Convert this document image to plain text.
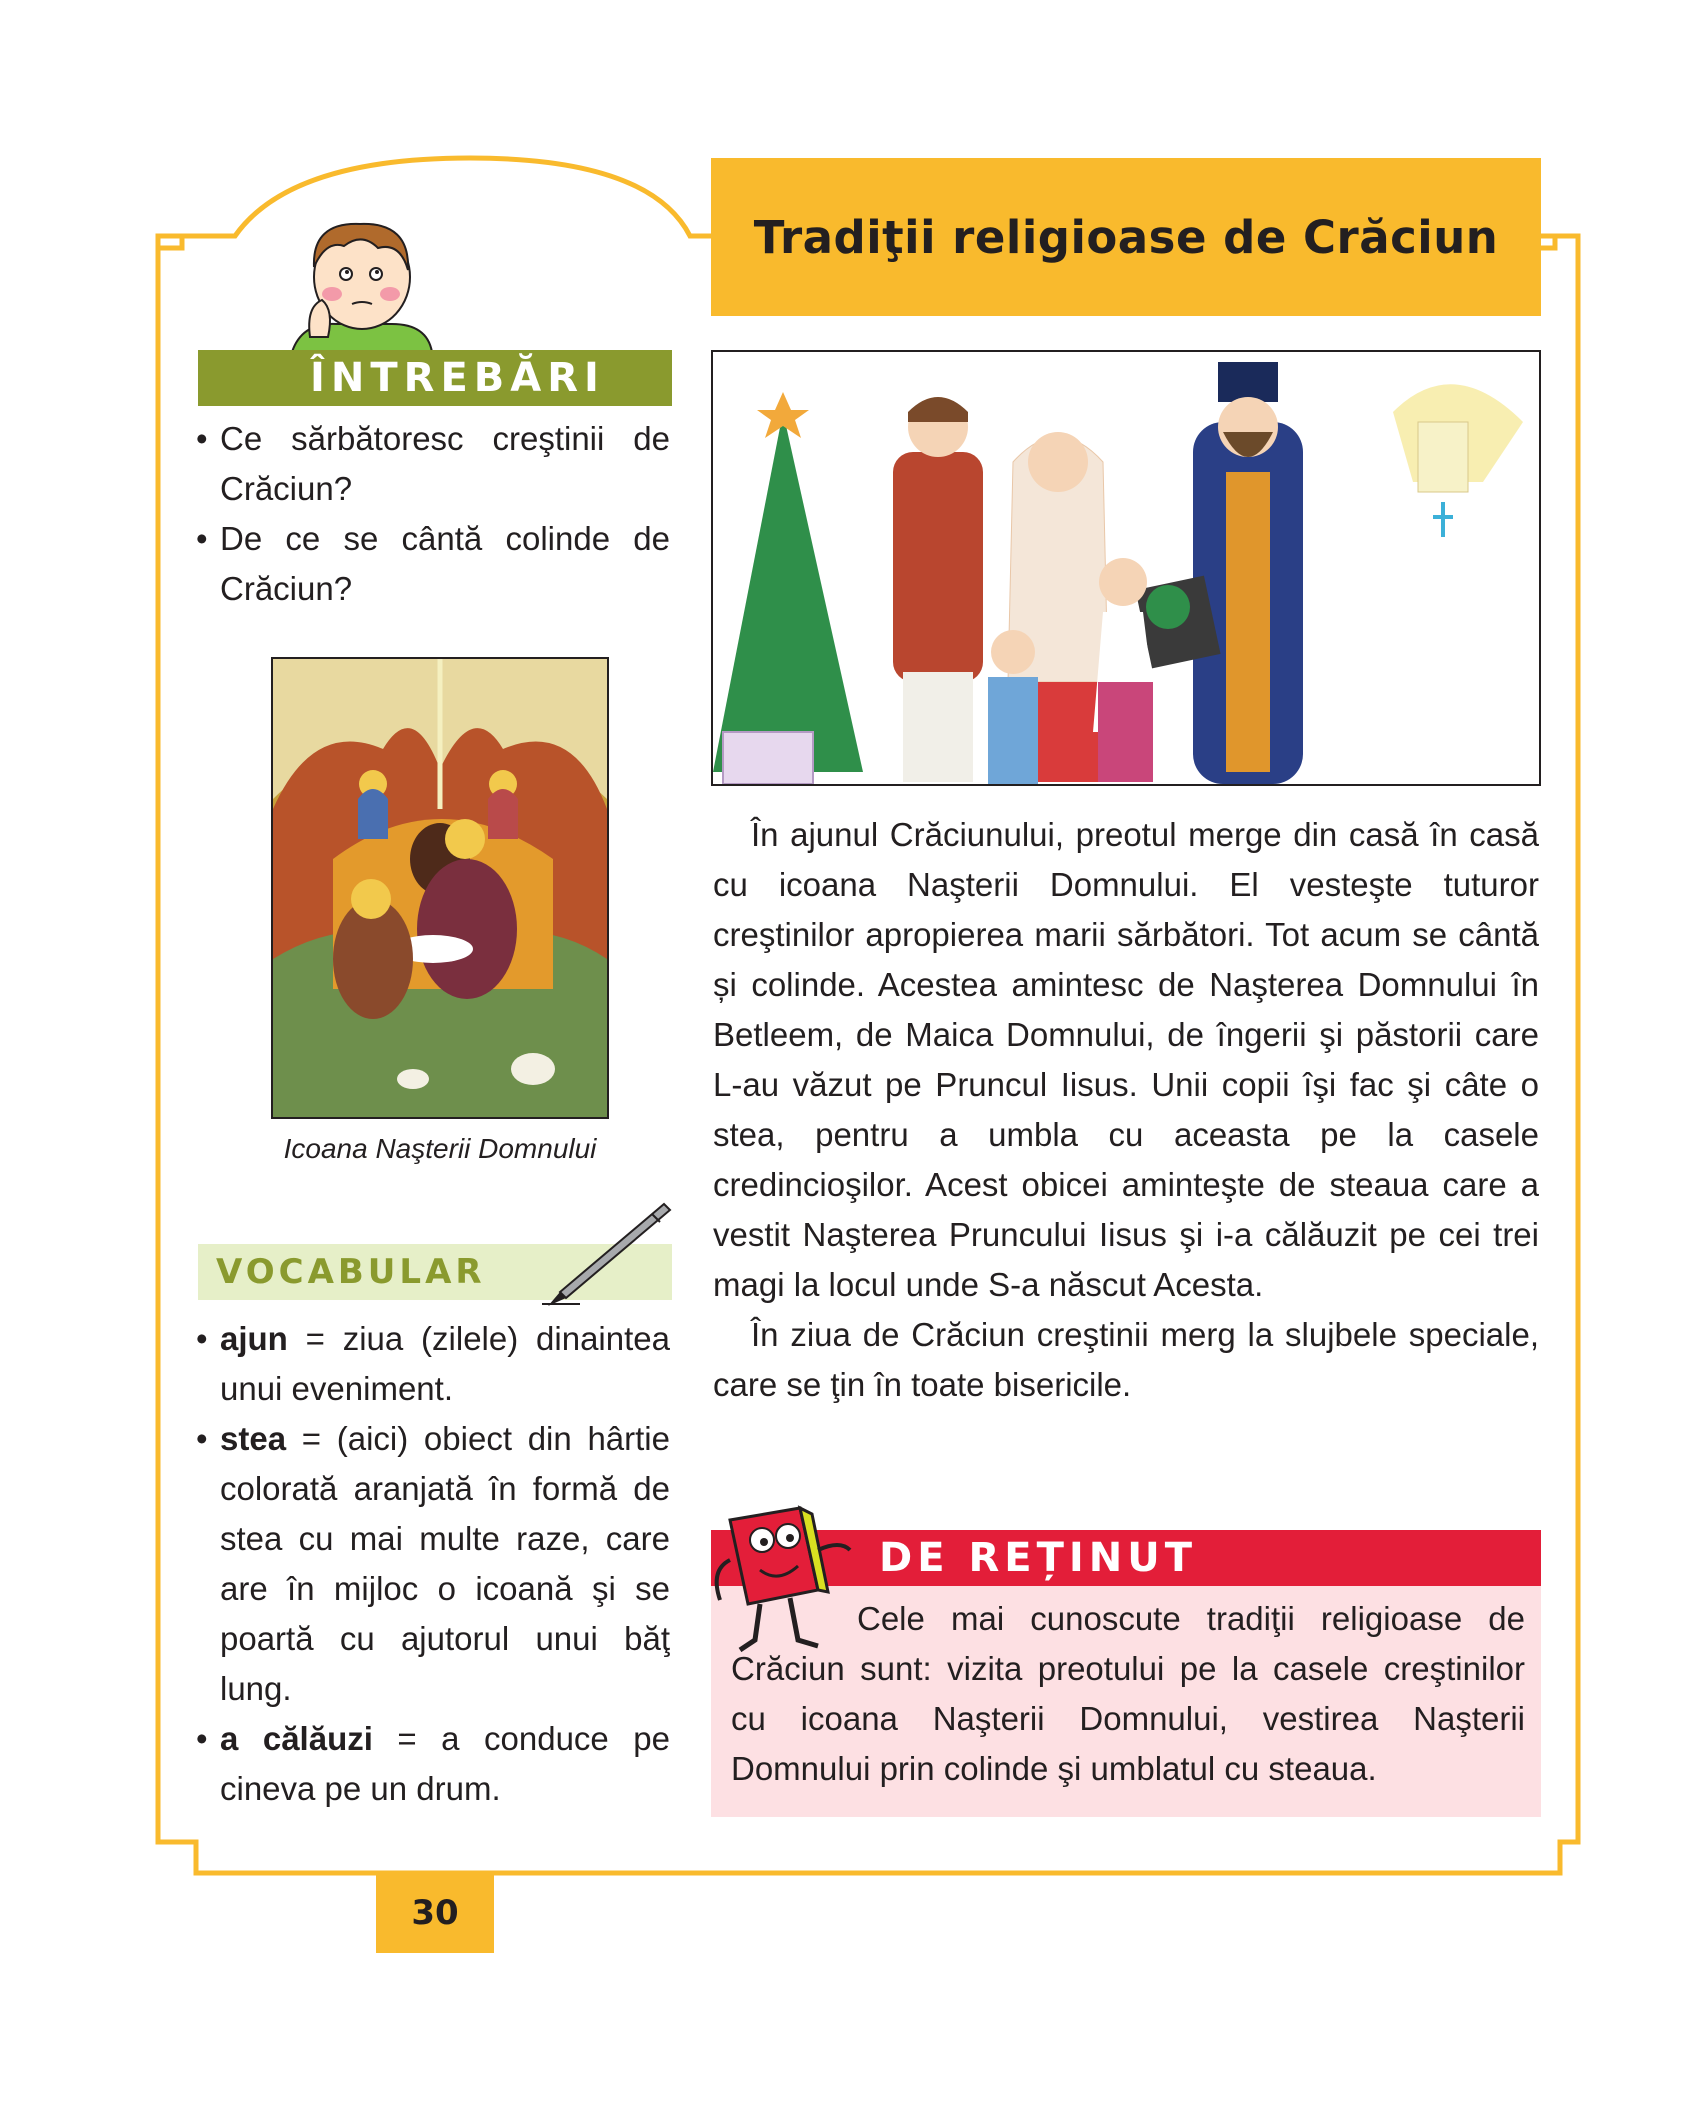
Tradiţii religioase de Crăciun
ÎNTREBĂRI
• Ce sărbătoresc creştinii de Crăciun?
• De ce se cântă colinde de Crăciun?
Icoana Naşterii Domnului
VOCABULAR
• ajun = ziua (zilele) dinaintea unui eveniment.
• stea = (aici) obiect din hârtie colorată aranjată în formă de stea cu mai multe raze, care are în mijloc o icoană şi se poartă cu ajutorul unui băţ lung.
• a călăuzi = a conduce pe cineva pe un drum.

În ajunul Crăciunului, preotul merge din casă în casă cu icoana Naşterii Domnului. El vesteşte tuturor creştinilor apropierea marii sărbători. Tot acum se cântă și colinde. Acestea amintesc de Naşterea Domnului în Betleem, de Maica Domnului, de îngerii şi păstorii care L-au văzut pe Pruncul Iisus. Unii copii îşi fac şi câte o stea, pentru a umbla cu aceasta pe la casele credincioşilor. Acest obicei aminteşte de steaua care a vestit Naşterea Pruncului Iisus şi i-a călăuzit pe cei trei magi la locul unde S-a născut Acesta.

În ziua de Crăciun creştinii merg la slujbele speciale, care se ţin în toate bisericile.

DE REȚINUT
Cele mai cunoscute tradiţii religioase de Crăciun sunt: vizita preotului pe la casele creştinilor cu icoana Naşterii Domnului, vestirea Naşterii Domnului prin colinde şi umblatul cu steaua.
30
